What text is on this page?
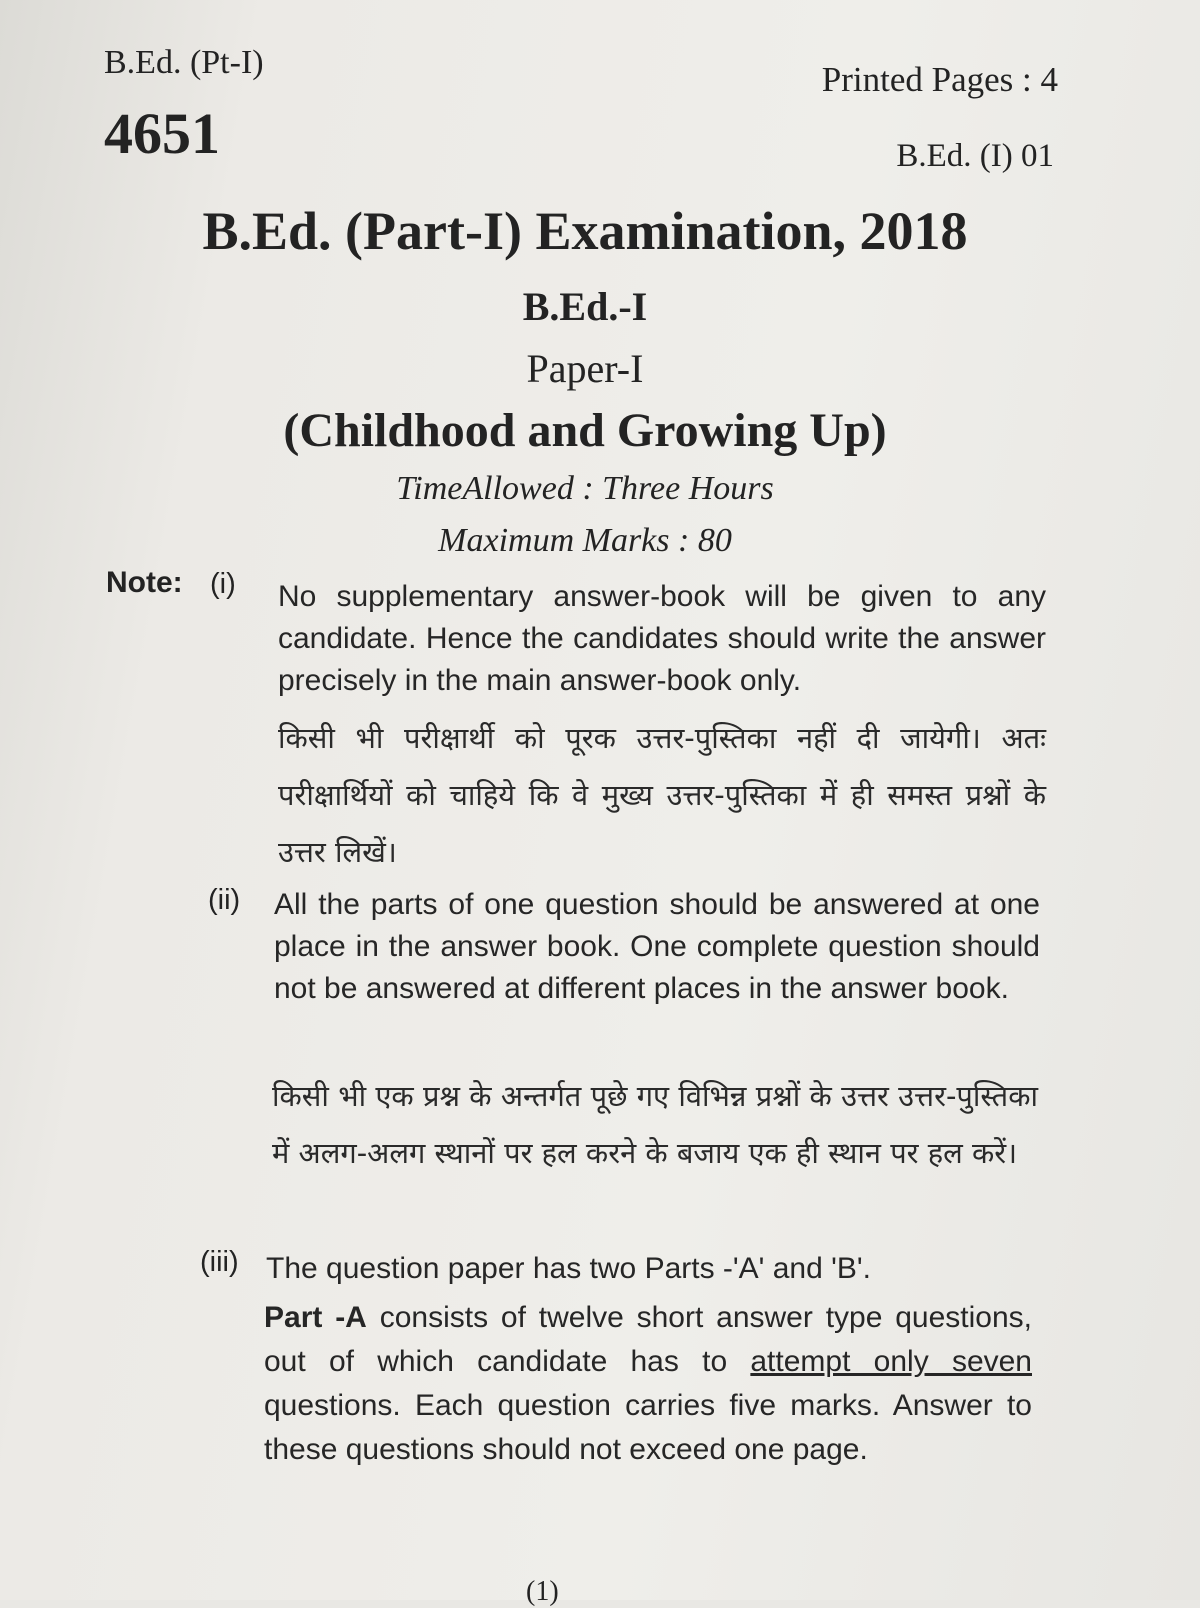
B.Ed. (Pt-I)
4651
Printed Pages : 4
B.Ed. (I) 01
B.Ed. (Part-I) Examination, 2018
B.Ed.-I
Paper-I
(Childhood and Growing Up)
TimeAllowed : Three Hours
Maximum Marks : 80
Note: (i) No supplementary answer-book will be given to any candidate. Hence the candidates should write the answer precisely in the main answer-book only.
किसी भी परीक्षार्थी को पूरक उत्तर-पुस्तिका नहीं दी जायेगी। अतः परीक्षार्थियों को चाहिये कि वे मुख्य उत्तर-पुस्तिका में ही समस्त प्रश्नों के उत्तर लिखें।
(ii) All the parts of one question should be answered at one place in the answer book. One complete question should not be answered at different places in the answer book.
किसी भी एक प्रश्न के अन्तर्गत पूछे गए विभिन्न प्रश्नों के उत्तर उत्तर-पुस्तिका में अलग-अलग स्थानों पर हल करने के बजाय एक ही स्थान पर हल करें।
(iii) The question paper has two Parts -'A' and 'B'.
Part -A consists of twelve short answer type questions, out of which candidate has to attempt only seven questions. Each question carries five marks. Answer to these questions should not exceed one page.
(1)
